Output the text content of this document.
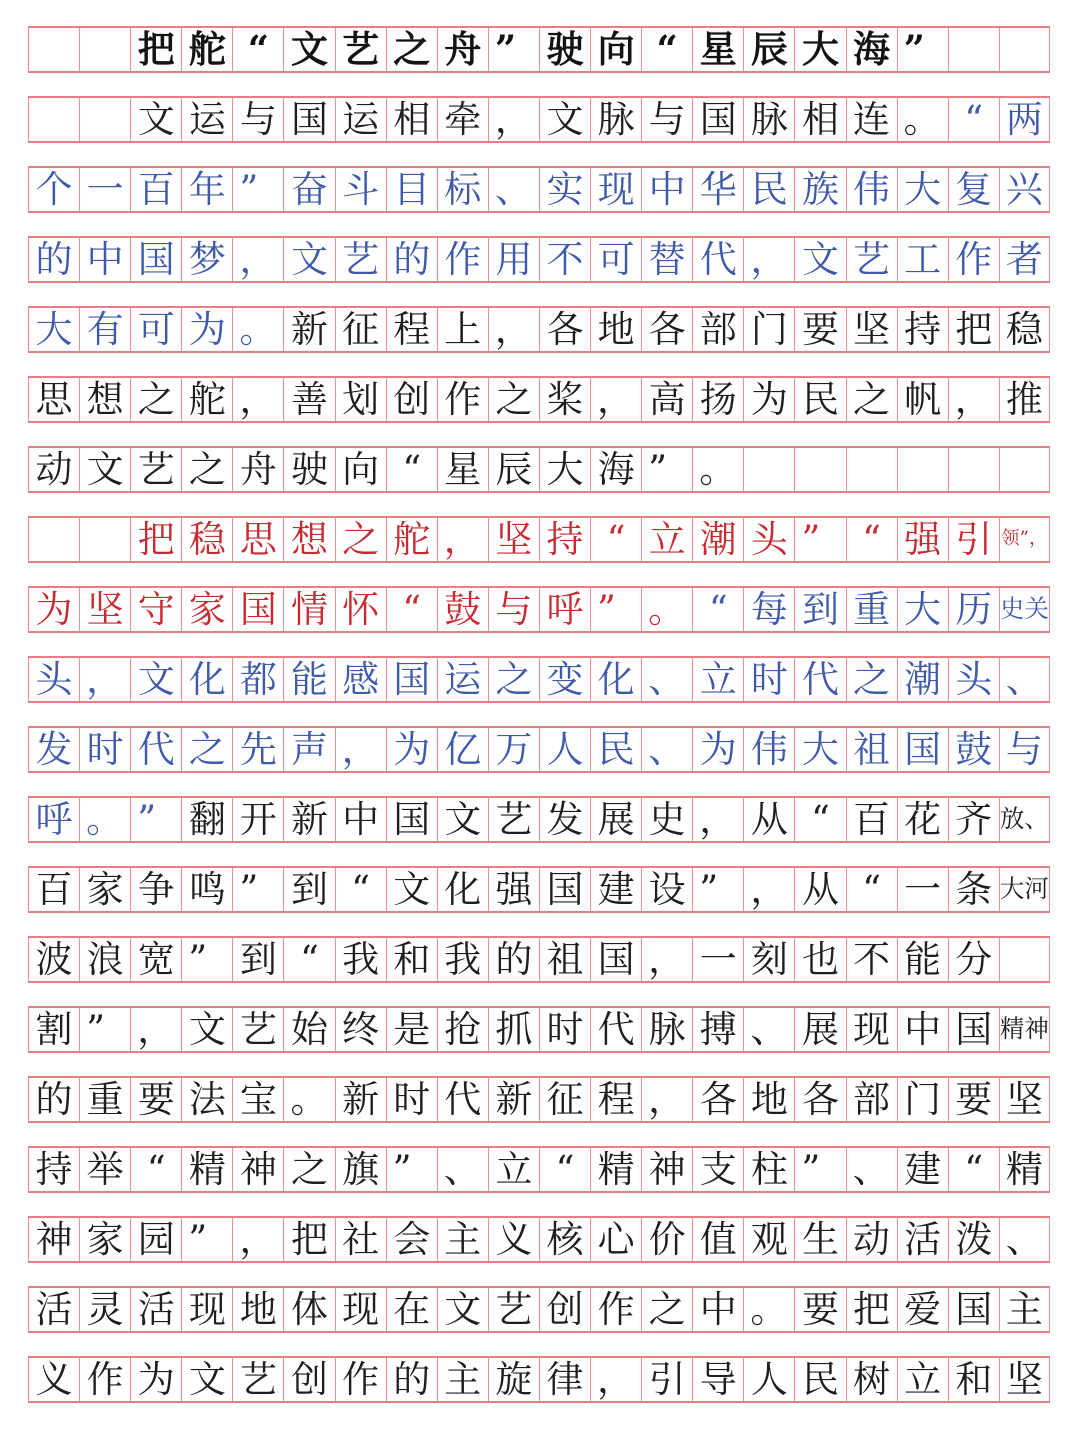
把 舵 “ 文 艺 之 舟 ” 驶 向 “ 星 辰 大 海 ”
文 运 与 国 运 相 牵 ， 文 脉 与 国 脉 相 连 。 “ 两
个 一 百 年 ” 奋 斗 目 标 、 实 现 中 华 民 族 伟 大 复 兴
的 中 国 梦 ， 文 艺 的 作 用 不 可 替 代 ， 文 艺 工 作 者
大 有 可 为 。 新 征 程 上 ， 各 地 各 部 门 要 坚 持 把 稳
思 想 之 舵 ， 善 划 创 作 之 桨 ， 高 扬 为 民 之 帆 ， 推
动 文 艺 之 舟 驶 向 “ 星 辰 大 海 ” 。
把 稳 思 想 之 舵 ， 坚 持 “ 立 潮 头 ” “ 强 引 领 ” ，
为 坚 守 家 国 情 怀 “ 鼓 与 呼 ” 。 “ 每 到 重 大 历 史 关
头 ， 文 化 都 能 感 国 运 之 变 化 、 立 时 代 之 潮 头 、
发 时 代 之 先 声 ， 为 亿 万 人 民 、 为 伟 大 祖 国 鼓 与
呼 。 ” 翻 开 新 中 国 文 艺 发 展 史 ， 从 “ 百 花 齐 放 、
百 家 争 鸣 ” 到 “ 文 化 强 国 建 设 ” ， 从 “ 一 条 大 河
波 浪 宽 ” 到 “ 我 和 我 的 祖 国 ， 一 刻 也 不 能 分
割 ” ， 文 艺 始 终 是 抢 抓 时 代 脉 搏 、 展 现 中 国 精 神
的 重 要 法 宝 。 新 时 代 新 征 程 ， 各 地 各 部 门 要 坚
持 举 “ 精 神 之 旗 ” 、 立 “ 精 神 支 柱 ” 、 建 “ 精
神 家 园 ” ， 把 社 会 主 义 核 心 价 值 观 生 动 活 泼 、
活 灵 活 现 地 体 现 在 文 艺 创 作 之 中 。 要 把 爱 国 主
义 作 为 文 艺 创 作 的 主 旋 律 ， 引 导 人 民 树 立 和 坚
